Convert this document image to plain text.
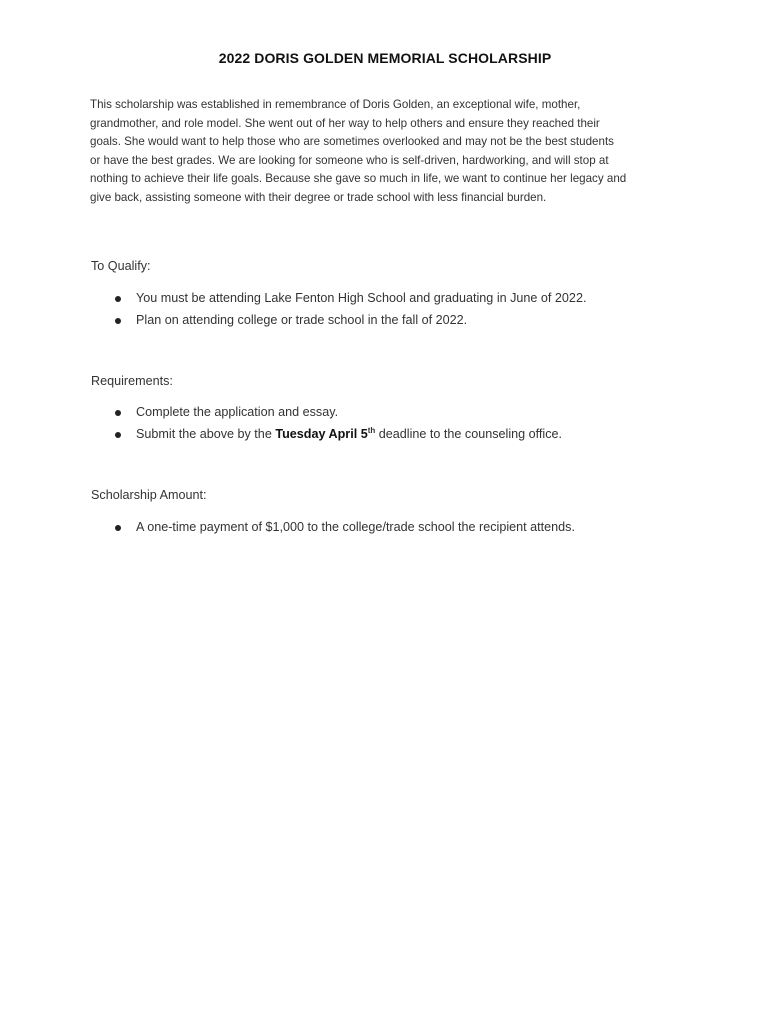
2022 DORIS GOLDEN MEMORIAL SCHOLARSHIP
This scholarship was established in remembrance of Doris Golden, an exceptional wife, mother,
grandmother, and role model. She went out of her way to help others and ensure they reached their
goals. She would want to help those who are sometimes overlooked and may not be the best students
or have the best grades. We are looking for someone who is self-driven, hardworking, and will stop at
nothing to achieve their life goals. Because she gave so much in life, we want to continue her legacy and
give back, assisting someone with their degree or trade school with less financial burden.
To Qualify:
You must be attending Lake Fenton High School and graduating in June of 2022.
Plan on attending college or trade school in the fall of 2022.
Requirements:
Complete the application and essay.
Submit the above by the Tuesday April 5th deadline to the counseling office.
Scholarship Amount:
A one-time payment of $1,000 to the college/trade school the recipient attends.
